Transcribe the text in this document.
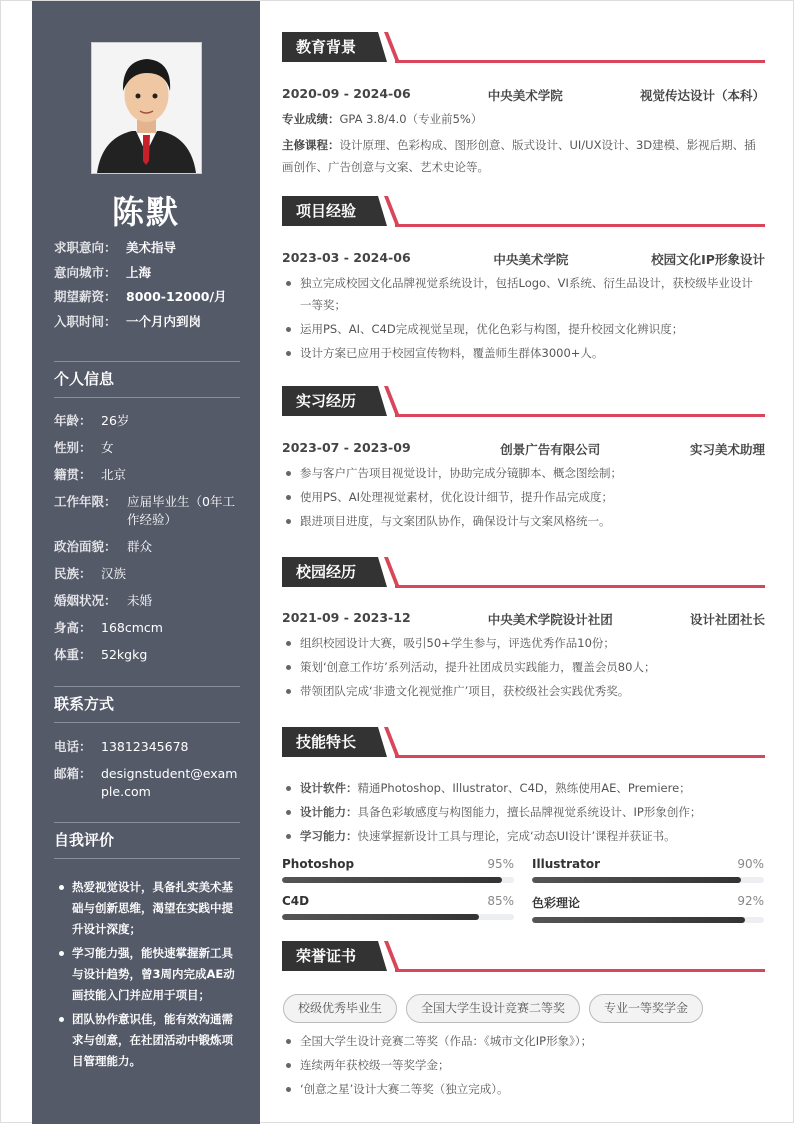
陈默
求职意向： 美术指导
意向城市： 上海
期望薪资： 8000-12000/月
入职时间： 一个月内到岗
个人信息
年龄： 26岁
性别： 女
籍贯： 北京
工作年限： 应届毕业生（0年工作经验）
政治面貌： 群众
民族： 汉族
婚姻状况： 未婚
身高： 168cmcm
体重： 52kgkg
联系方式
电话： 13812345678
邮箱： designstudent@example.com
自我评价
热爱视觉设计，具备扎实美术基础与创新思维，渴望在实践中提升设计深度；
学习能力强，能快速掌握新工具与设计趋势，曾3周内完成AE动画技能入门并应用于项目；
团队协作意识佳，能有效沟通需求与创意，在社团活动中锻炼项目管理能力。
教育背景
2020-09 - 2024-06	中央美术学院	视觉传达设计（本科）
专业成绩：GPA 3.8/4.0（专业前5%）
主修课程：设计原理、色彩构成、图形创意、版式设计、UI/UX设计、3D建模、影视后期、插画创作、广告创意与文案、艺术史论等。
项目经验
2023-03 - 2024-06	中央美术学院	校园文化IP形象设计
独立完成校园文化品牌视觉系统设计，包括Logo、VI系统、衍生品设计，获校级毕业设计一等奖；
运用PS、AI、C4D完成视觉呈现，优化色彩与构图，提升校园文化辨识度；
设计方案已应用于校园宣传物料，覆盖师生群体3000+人。
实习经历
2023-07 - 2023-09	创景广告有限公司	实习美术助理
参与客户广告项目视觉设计，协助完成分镜脚本、概念图绘制；
使用PS、AI处理视觉素材，优化设计细节，提升作品完成度；
跟进项目进度，与文案团队协作，确保设计与文案风格统一。
校园经历
2021-09 - 2023-12	中央美术学院设计社团	设计社团社长
组织校园设计大赛，吸引50+学生参与，评选优秀作品10份；
策划‘创意工作坊’系列活动，提升社团成员实践能力，覆盖会员80人；
带领团队完成‘非遗文化视觉推广’项目，获校级社会实践优秀奖。
技能特长
设计软件：精通Photoshop、Illustrator、C4D，熟练使用AE、Premiere；
设计能力：具备色彩敏感度与构图能力，擅长品牌视觉系统设计、IP形象创作；
学习能力：快速掌握新设计工具与理论，完成‘动态UI设计’课程并获证书。
Photoshop	95% Illustrator	90%
C4D	85% 色彩理论	92%
荣誉证书
校级优秀毕业生	全国大学生设计竞赛二等奖	专业一等奖学金
全国大学生设计竞赛二等奖（作品：《城市文化IP形象》）；
连续两年获校级一等奖学金；
‘创意之星’设计大赛二等奖（独立完成）。
